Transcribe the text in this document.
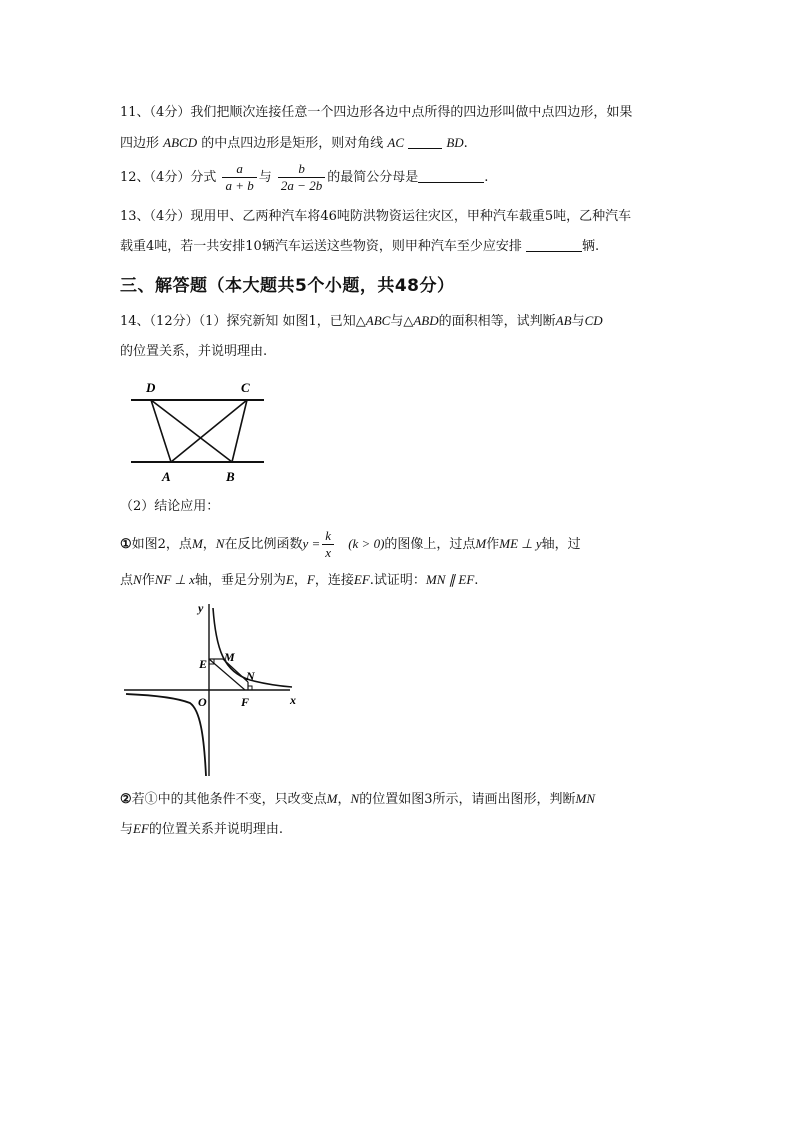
11、（4分）我们把顺次连接任意一个四边形各边中点所得的四边形叫做中点四边形，如果
四边形 ABCD 的中点四边形是矩形，则对角线 AC	BD.
12、（4分）分式 $\frac{a}{a + b}$ 与 $\frac{b}{2a - 2b}$ 的最简公分母是	.
13、（4分）现用甲、乙两种汽车将46吨防洪物资运往灾区，甲种汽车载重5吨，乙种汽车
载重4吨，若一共安排10辆汽车运送这些物资，则甲种汽车至少应安排	辆.
三、解答题（本大题共5个小题，共48分）
14、（12分）（1）探究新知 如图1，已知△ABC与△ABD的面积相等，试判断AB与CD
的位置关系，并说明理由.
D	C
A	B
（2）结论应用：
①如图2，点M，N在反比例函数$y = \frac{k}{x} (k > 0)$的图像上，过点M作ME ⊥ y轴，过
点N作NF ⊥ x轴，垂足分别为E，F，连接EF.试证明：MN ∥ EF.
y
x
O
E M
N
F
②若①中的其他条件不变，只改变点M，N的位置如图3所示，请画出图形，判断MN
与EF的位置关系并说明理由.
